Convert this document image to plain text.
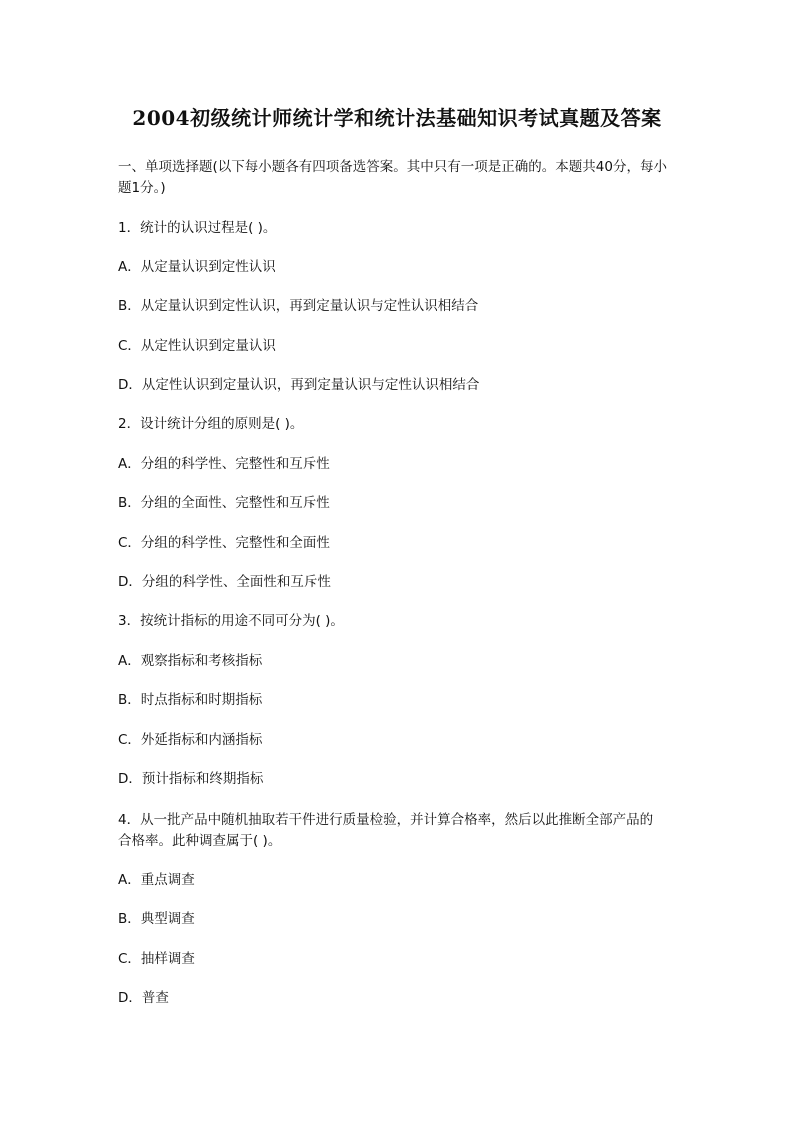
2004初级统计师统计学和统计法基础知识考试真题及答案
一、单项选择题(以下每小题各有四项备选答案。其中只有一项是正确的。本题共40分，每小题1分。)
1．统计的认识过程是( )。
A．从定量认识到定性认识
B．从定量认识到定性认识，再到定量认识与定性认识相结合
C．从定性认识到定量认识
D．从定性认识到定量认识，再到定量认识与定性认识相结合
2．设计统计分组的原则是( )。
A．分组的科学性、完整性和互斥性
B．分组的全面性、完整性和互斥性
C．分组的科学性、完整性和全面性
D．分组的科学性、全面性和互斥性
3．按统计指标的用途不同可分为( )。
A．观察指标和考核指标
B．时点指标和时期指标
C．外延指标和内涵指标
D．预计指标和终期指标
4．从一批产品中随机抽取若干件进行质量检验，并计算合格率，然后以此推断全部产品的
合格率。此种调查属于( )。
A．重点调查
B．典型调查
C．抽样调查
D．普查
